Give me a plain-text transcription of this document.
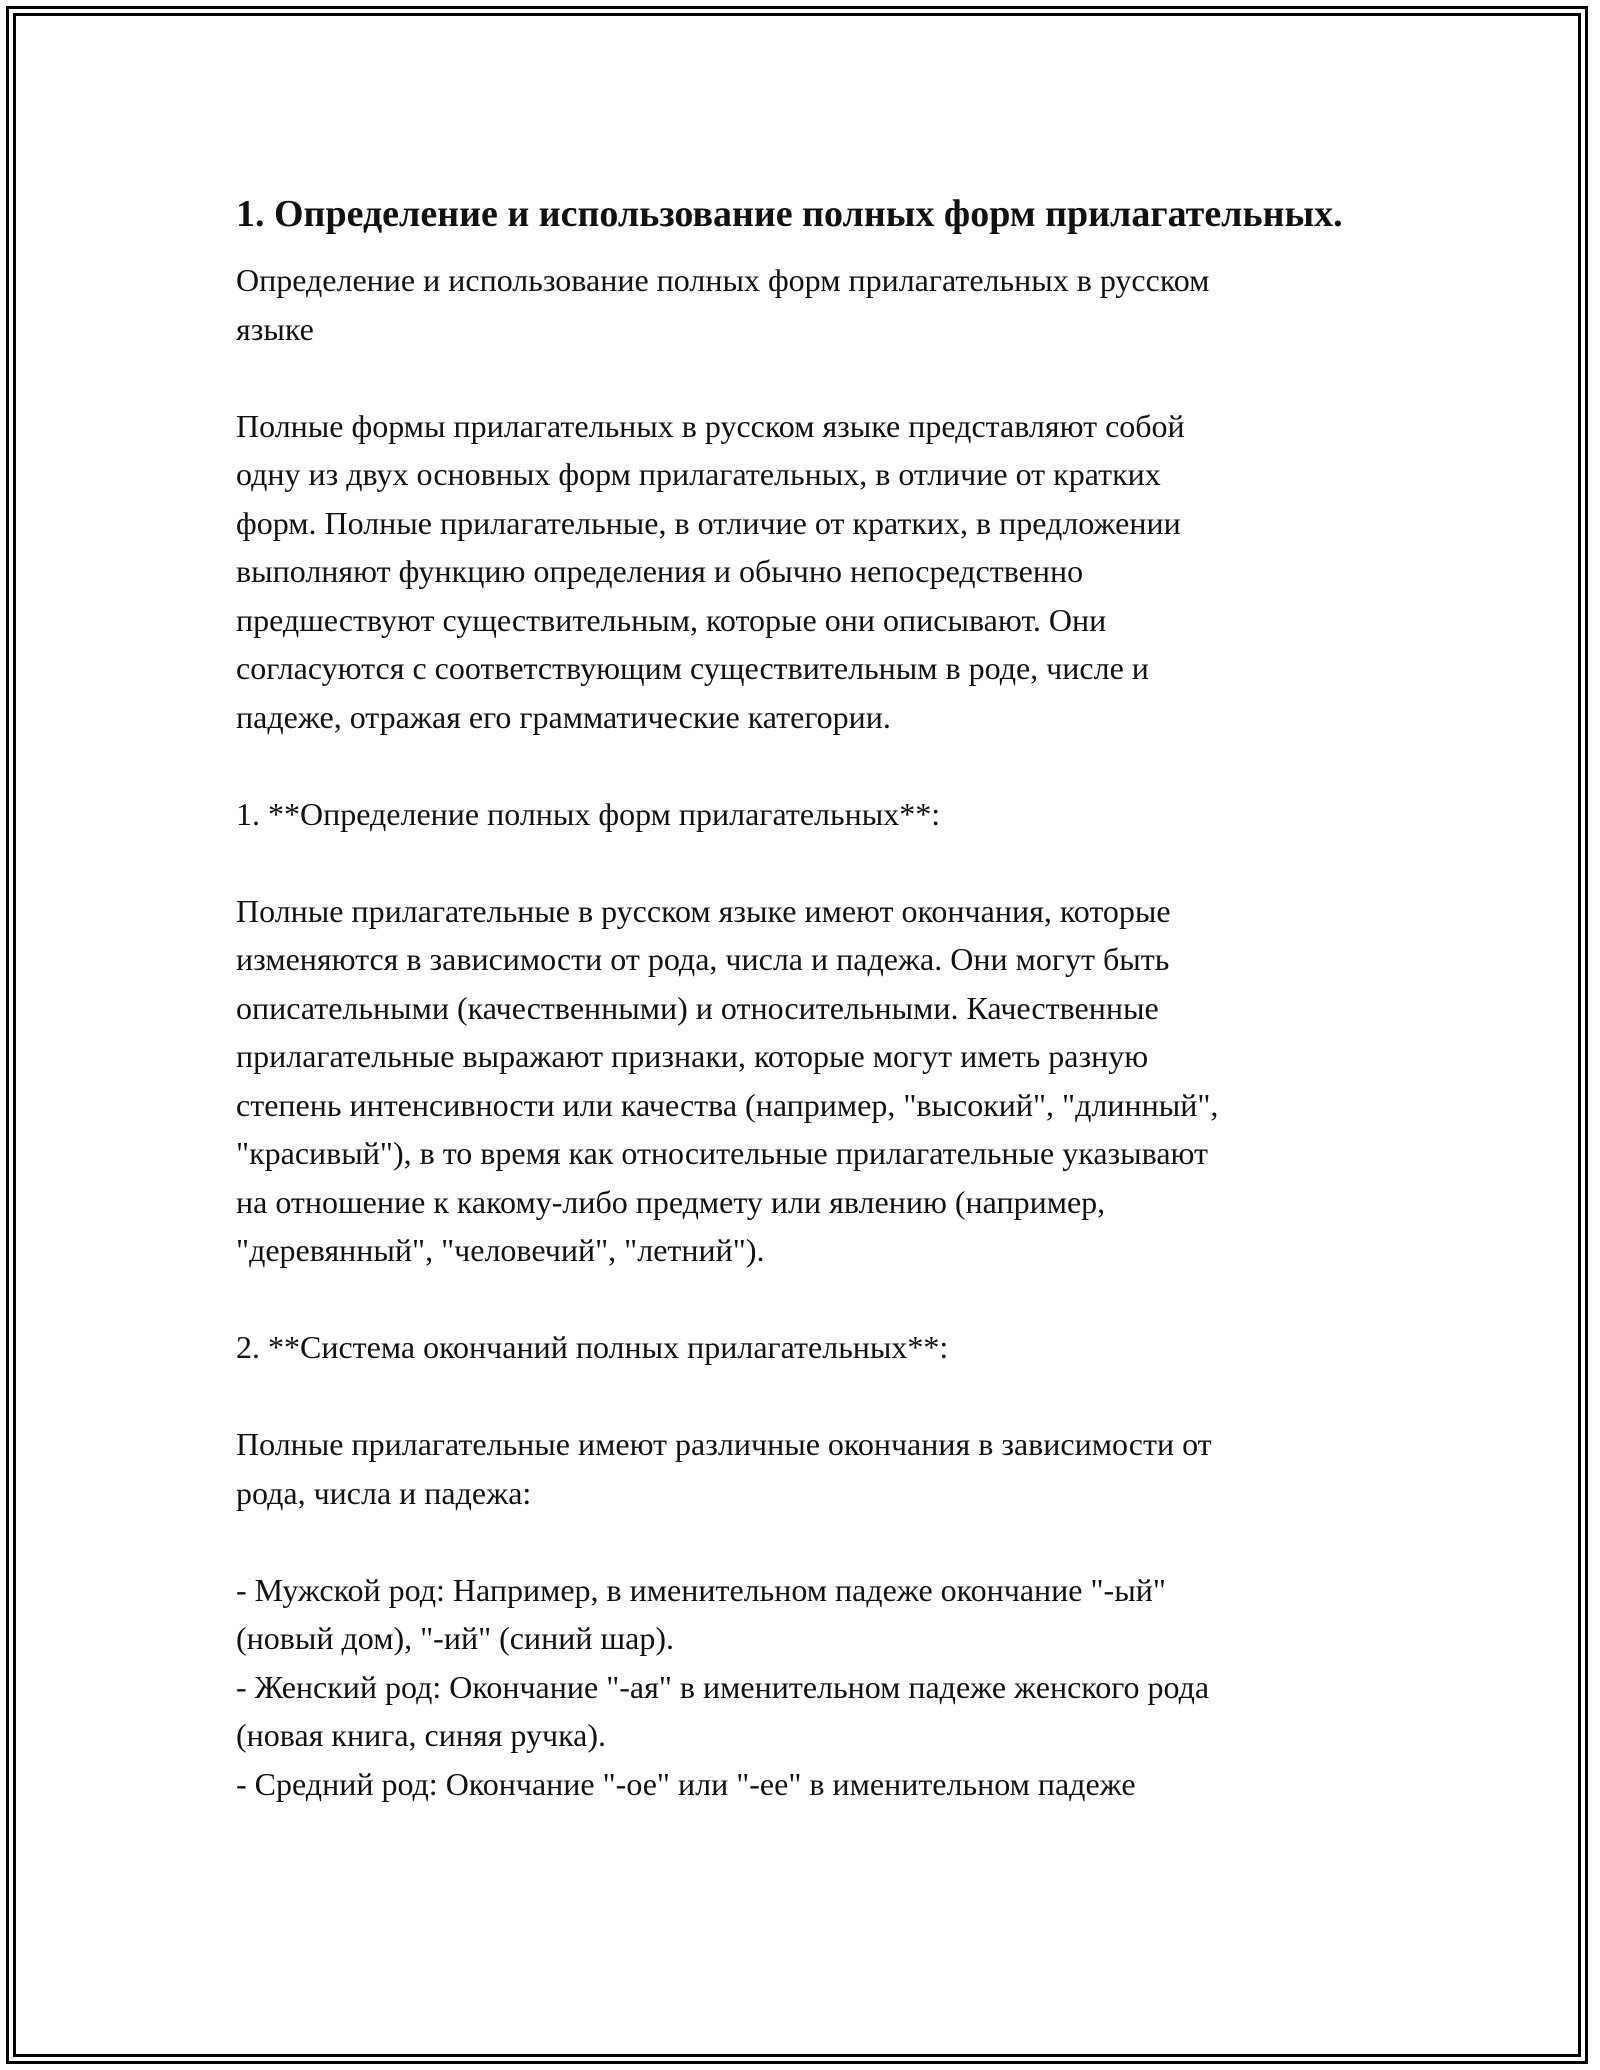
1. Определение и использование полных форм прилагательных.

Определение и использование полных форм прилагательных в русском
языке

Полные формы прилагательных в русском языке представляют собой
одну из двух основных форм прилагательных, в отличие от кратких
форм. Полные прилагательные, в отличие от кратких, в предложении
выполняют функцию определения и обычно непосредственно
предшествуют существительным, которые они описывают. Они
согласуются с соответствующим существительным в роде, числе и
падеже, отражая его грамматические категории.

1. **Определение полных форм прилагательных**:

Полные прилагательные в русском языке имеют окончания, которые
изменяются в зависимости от рода, числа и падежа. Они могут быть
описательными (качественными) и относительными. Качественные
прилагательные выражают признаки, которые могут иметь разную
степень интенсивности или качества (например, "высокий", "длинный",
"красивый"), в то время как относительные прилагательные указывают
на отношение к какому-либо предмету или явлению (например,
"деревянный", "человечий", "летний").

2. **Система окончаний полных прилагательных**:

Полные прилагательные имеют различные окончания в зависимости от
рода, числа и падежа:

- Мужской род: Например, в именительном падеже окончание "-ый"
(новый дом), "-ий" (синий шар).
- Женский род: Окончание "-ая" в именительном падеже женского рода
(новая книга, синяя ручка).
- Средний род: Окончание "-ое" или "-ее" в именительном падеже
